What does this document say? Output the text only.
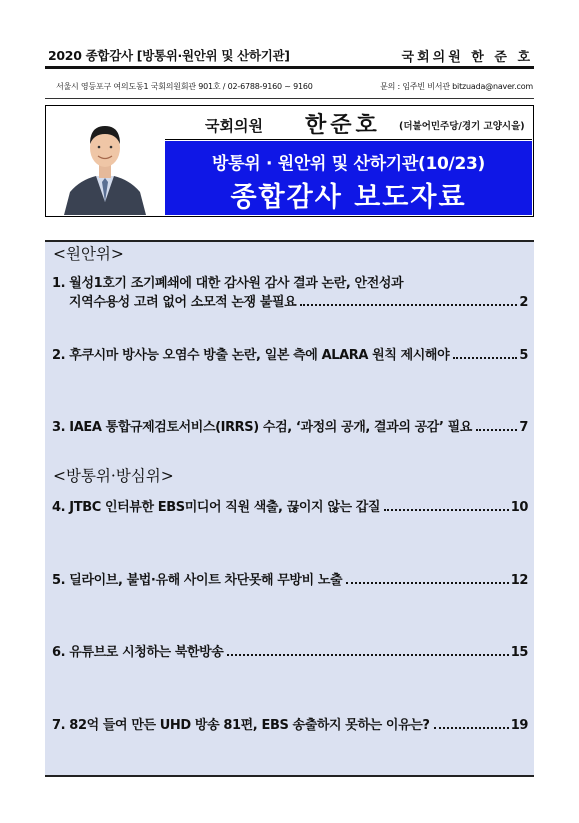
2020 종합감사 [방통위·원안위 및 산하기관]	국회의원 한 준 호
서울시 영등포구 여의도동1 국회의원회관 901호 / 02-6788-9160 ~ 9160	문의 : 임주빈 비서관 bitzuada@naver.com
국회의원 한준호 (더불어민주당/경기 고양시을)
방통위 · 원안위 및 산하기관(10/23)
종합감사 보도자료
<원안위>
1. 월성1호기 조기폐쇄에 대한 감사원 감사 결과 논란, 안전성과
지역수용성 고려 없어 소모적 논쟁 불필요	2
2. 후쿠시마 방사능 오염수 방출 논란, 일본 측에 ALARA 원칙 제시해야	5
3. IAEA 통합규제검토서비스(IRRS) 수검, ‘과정의 공개, 결과의 공감’ 필요	7
<방통위·방심위>
4. JTBC 인터뷰한 EBS미디어 직원 색출, 끊이지 않는 갑질	10
5. 딜라이브, 불법·유해 사이트 차단못해 무방비 노출	12
6. 유튜브로 시청하는 북한방송	15
7. 82억 들여 만든 UHD 방송 81편, EBS 송출하지 못하는 이유는?	19
